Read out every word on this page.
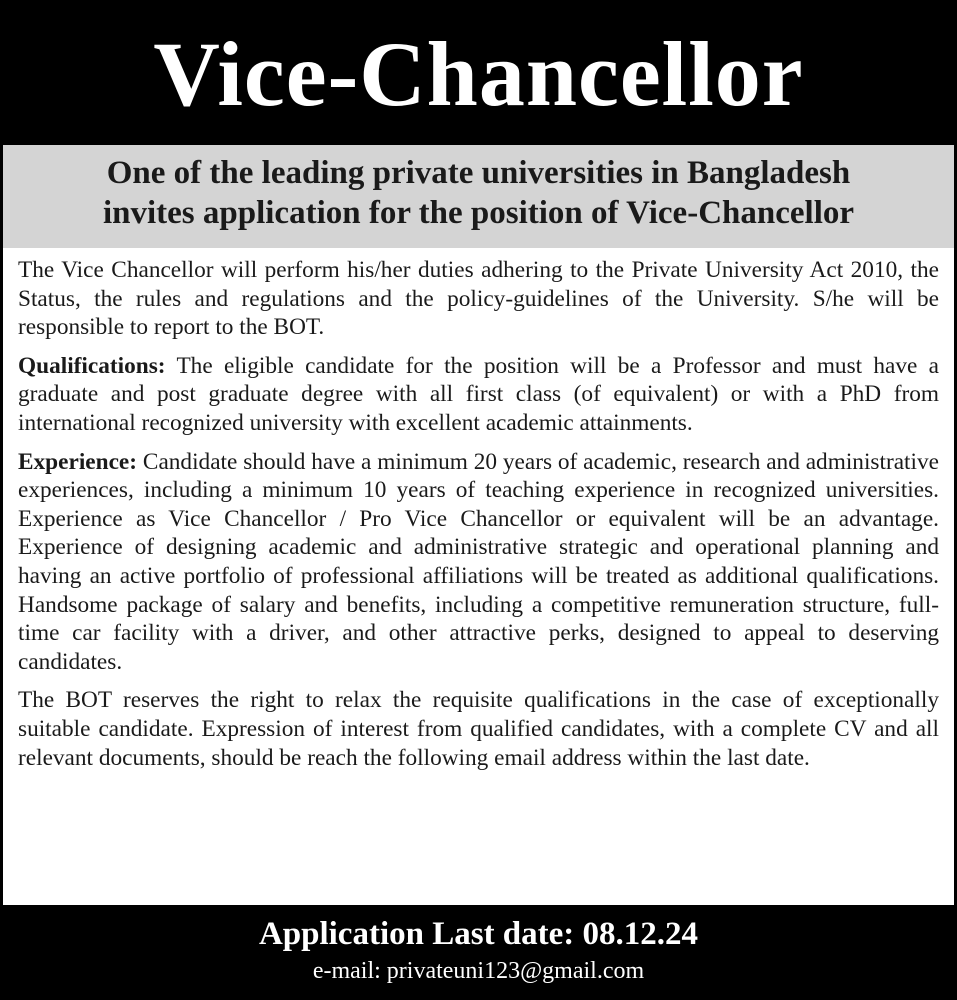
Vice-Chancellor
One of the leading private universities in Bangladesh
invites application for the position of Vice-Chancellor

The Vice Chancellor will perform his/her duties adhering to the Private University Act 2010, the Status, the rules and regulations and the policy-guidelines of the University. S/he will be responsible to report to the BOT.

Qualifications: The eligible candidate for the position will be a Professor and must have a graduate and post graduate degree with all first class (of equivalent) or with a PhD from international recognized university with excellent academic attainments.

Experience: Candidate should have a minimum 20 years of academic, research and administrative experiences, including a minimum 10 years of teaching experience in recognized universities. Experience as Vice Chancellor / Pro Vice Chancellor or equivalent will be an advantage. Experience of designing academic and administrative strategic and operational planning and having an active portfolio of professional affiliations will be treated as additional qualifications. Handsome package of salary and benefits, including a competitive remuneration structure, full-time car facility with a driver, and other attractive perks, designed to appeal to deserving candidates.

The BOT reserves the right to relax the requisite qualifications in the case of exceptionally suitable candidate. Expression of interest from qualified candidates, with a complete CV and all relevant documents, should be reach the following email address within the last date.

Application Last date: 08.12.24
e-mail: privateuni123@gmail.com
